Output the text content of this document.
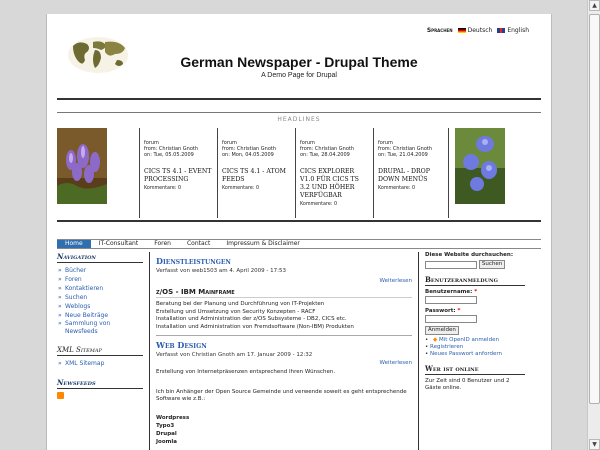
▲
▼
Sprachen	Deutsch	English
German Newspaper - Drupal Theme
A Demo Page for Drupal
HEADLINES
forum
from: Christian Gnoth
on: Tue, 05.05.2009
CICS TS 4.1 - EVENT PROCESSING
Kommentare: 0
forum
from: Christian Gnoth
on: Mon, 04.05.2009
CICS TS 4.1 - ATOM FEEDS
Kommentare: 0
forum
from: Christian Gnoth
on: Tue, 28.04.2009
CICS EXPLORER V1.0 FÜR CICS TS 3.2 UND HÖHER VERFÜGBAR
Kommentare: 0
forum
from: Christian Gnoth
on: Tue, 21.04.2009
DRUPAL - DROP DOWN MENÜS
Kommentare: 0
Home	IT-Consultant	Foren	Contact	Impressum & Disclaimer
Navigation
» Bücher
» Foren
» Kontaktieren
» Suchen
» Weblogs
» Neue Beiträge
» Sammlung von Newsfeeds
XML Sitemap
» XML Sitemap
Newsfeeds
Dienstleistungen
Verfasst von web1503 am 4. April 2009 - 17:53
Weiterlesen
z/OS - IBM Mainframe
Beratung bei der Planung und Durchführung von IT-Projekten
Erstellung und Umsetzung von Security Konzepten - RACF
Installation und Administration der z/OS Subsysteme - DB2, CICS etc.
Installation und Administration von Fremdsoftware (Non-IBM) Produkten
Web Design
Verfasst von Christian Gnoth am 17. Januar 2009 - 12:32
Weiterlesen
Erstellung von Internetpräsenzen entsprechend Ihren Wünschen.
Ich bin Anhänger der Open Source Gemeinde und verwende soweit es geht entsprechende Software wie z.B.:
Wordpress
Typo3
Drupal
Joomla
Diese Website durchsuchen:
Suchen
Benutzeranmeldung
Benutzername: *
Passwort: *
Anmelden
• ◆ Mit OpenID anmelden
• Registrieren
• Neues Passwort anfordern
Wer ist online
Zur Zeit sind 0 Benutzer und 2 Gäste online.
